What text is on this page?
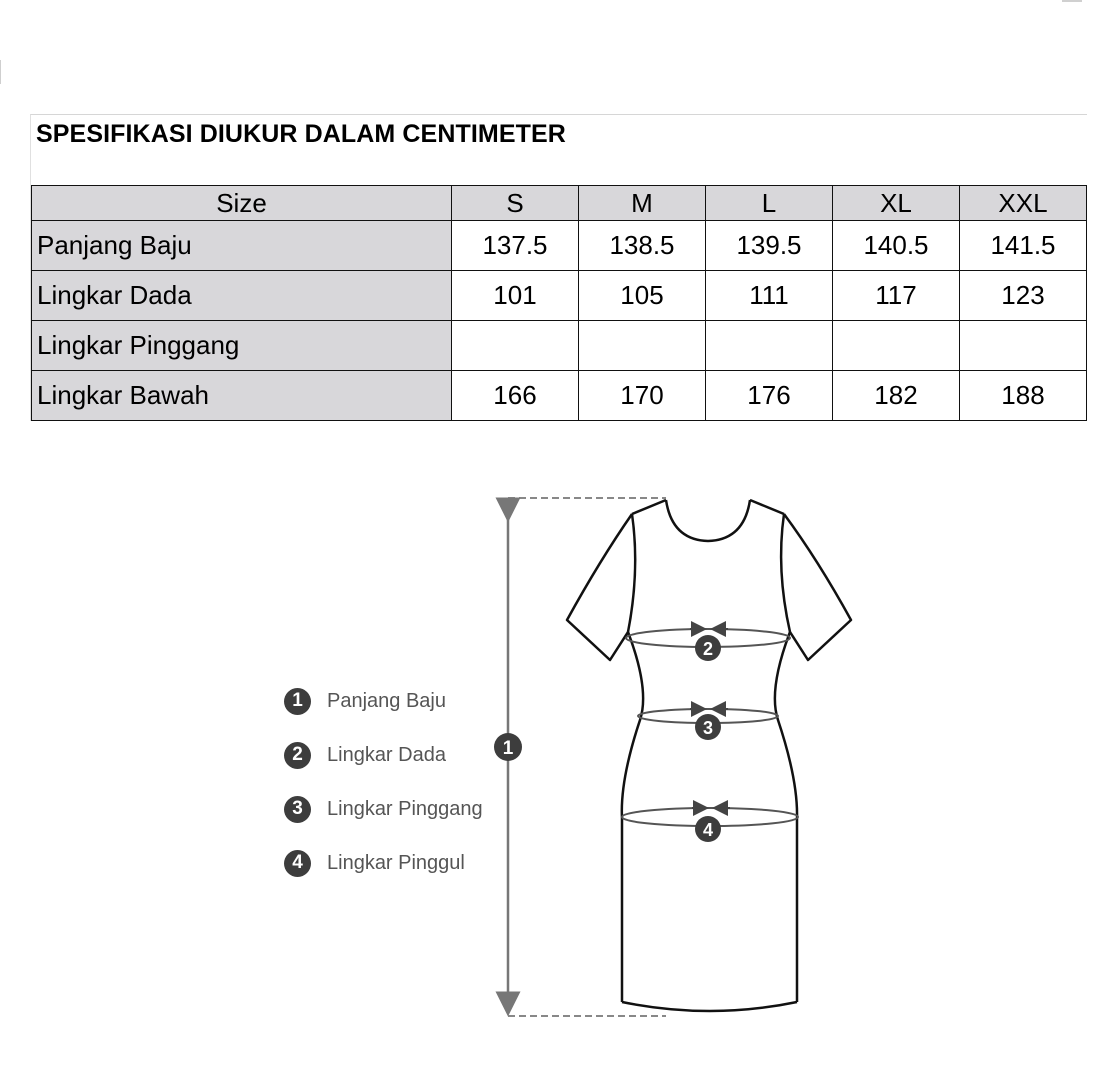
SPESIFIKASI DIUKUR DALAM CENTIMETER
Size	S	M	L	XL	XXL
Panjang Baju	137.5	138.5	139.5	140.5	141.5
Lingkar Dada	101	105	111	117	123
Lingkar Pinggang					
Lingkar Bawah	166	170	176	182	188
1	Panjang Baju
2	Lingkar Dada
3	Lingkar Pinggang
4	Lingkar Pinggul
1
2
3
4
